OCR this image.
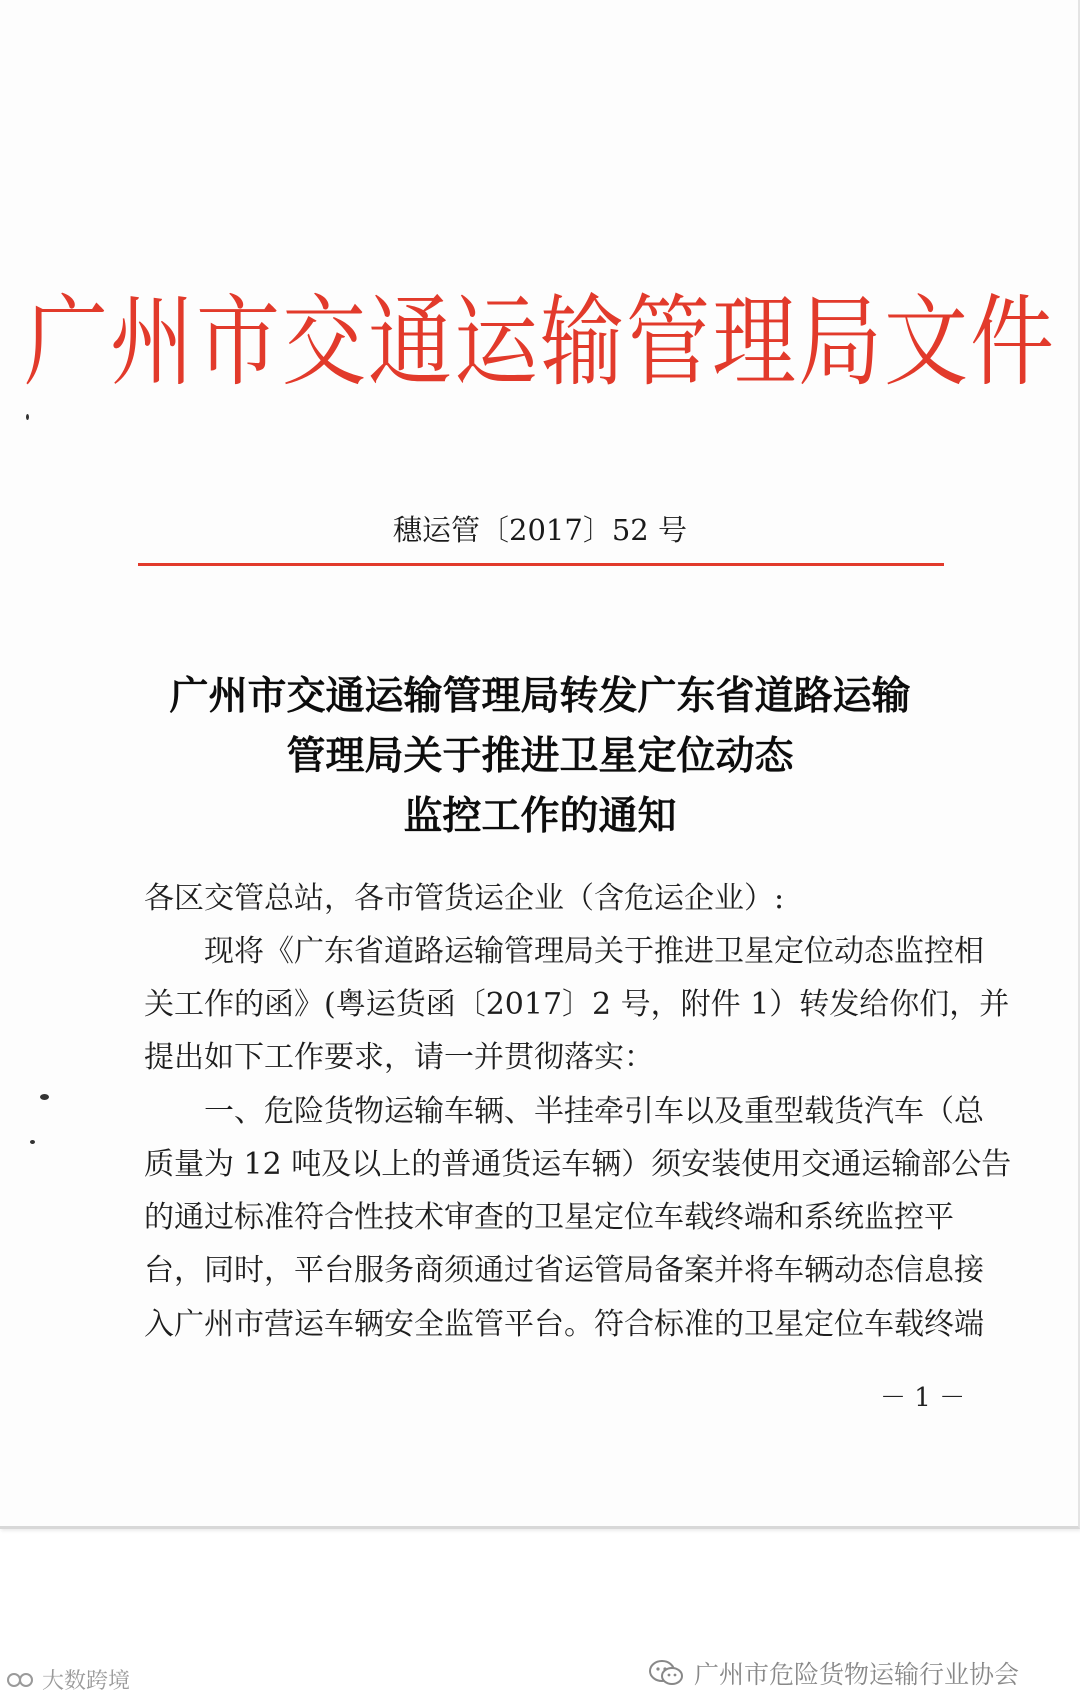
广州市交通运输管理局文件
穗运管〔2017〕52 号
广州市交通运输管理局转发广东省道路运输
管理局关于推进卫星定位动态
监控工作的通知
各区交管总站，各市管货运企业（含危运企业）:
　　现将《广东省道路运输管理局关于推进卫星定位动态监控相
关工作的函》(粤运货函〔2017〕2 号，附件 1）转发给你们，并
提出如下工作要求，请一并贯彻落实：
　　一、危险货物运输车辆、半挂牵引车以及重型载货汽车（总
质量为 12 吨及以上的普通货运车辆）须安装使用交通运输部公告
的通过标准符合性技术审查的卫星定位车载终端和系统监控平
台，同时，平台服务商须通过省运管局备案并将车辆动态信息接
入广州市营运车辆安全监管平台。符合标准的卫星定位车载终端
－ 1 －
大数跨境	广州市危险货物运输行业协会
